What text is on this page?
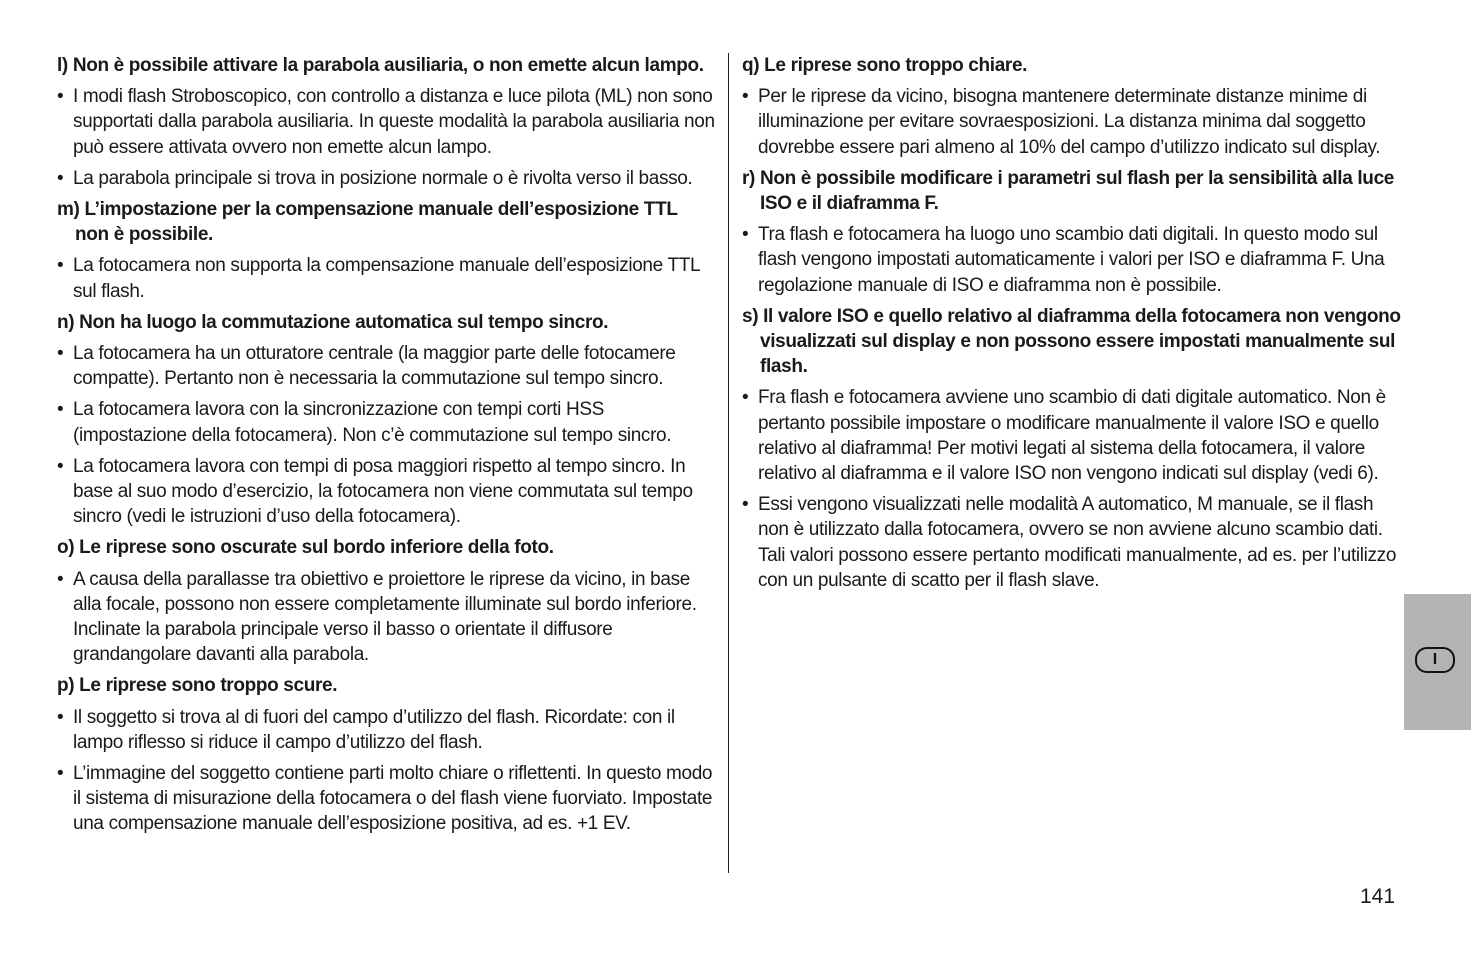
l) Non è possibile attivare la parabola ausiliaria, o non emette alcun lampo.

• I modi flash Stroboscopico, con controllo a distanza e luce pilota (ML) non sono supportati dalla parabola ausiliaria. In queste modalità la parabola ausiliaria non può essere attivata ovvero non emette alcun lampo.

• La parabola principale si trova in posizione normale o è rivolta verso il basso.

m) L’impostazione per la compensazione manuale dell’esposizione TTL non è possibile.

• La fotocamera non supporta la compensazione manuale dell’esposizione TTL sul flash.

n) Non ha luogo la commutazione automatica sul tempo sincro.

• La fotocamera ha un otturatore centrale (la maggior parte delle fotocamere compatte). Pertanto non è necessaria la commutazione sul tempo sincro.

• La fotocamera lavora con la sincronizzazione con tempi corti HSS (impostazione della fotocamera). Non c’è commutazione sul tempo sincro.

• La fotocamera lavora con tempi di posa maggiori rispetto al tempo sincro. In base al suo modo d’esercizio, la fotocamera non viene commutata sul tempo sincro (vedi le istruzioni d’uso della fotocamera).

o) Le riprese sono oscurate sul bordo inferiore della foto.

• A causa della parallasse tra obiettivo e proiettore le riprese da vicino, in base alla focale, possono non essere completamente illuminate sul bordo inferiore. Inclinate la parabola principale verso il basso o orientate il diffusore grandangolare davanti alla parabola.

p) Le riprese sono troppo scure.

• Il soggetto si trova al di fuori del campo d’utilizzo del flash. Ricordate: con il lampo riflesso si riduce il campo d’utilizzo del flash.

• L’immagine del soggetto contiene parti molto chiare o riflettenti. In questo modo il sistema di misurazione della fotocamera o del flash viene fuorviato. Impostate una compensazione manuale dell’esposizione positiva, ad es. +1 EV.

q) Le riprese sono troppo chiare.

• Per le riprese da vicino, bisogna mantenere determinate distanze minime di illuminazione per evitare sovraesposizioni. La distanza minima dal soggetto dovrebbe essere pari almeno al 10% del campo d’utilizzo indicato sul display.

r) Non è possibile modificare i parametri sul flash per la sensibilità alla luce ISO e il diaframma F.

• Tra flash e fotocamera ha luogo uno scambio dati digitali. In questo modo sul flash vengono impostati automaticamente i valori per ISO e diaframma F. Una regolazione manuale di ISO e diaframma non è possibile.

s) Il valore ISO e quello relativo al diaframma della fotocamera non vengono visualizzati sul display e non possono essere impostati manualmente sul flash.

• Fra flash e fotocamera avviene uno scambio di dati digitale automatico. Non è pertanto possibile impostare o modificare manualmente il valore ISO e quello relativo al diaframma! Per motivi legati al sistema della fotocamera, il valore relativo al diaframma e il valore ISO non vengono indicati sul display (vedi 6).

• Essi vengono visualizzati nelle modalità A automatico, M manuale, se il flash non è utilizzato dalla fotocamera, ovvero se non avviene alcuno scambio dati. Tali valori possono essere pertanto modificati manualmente, ad es. per l’utilizzo con un pulsante di scatto per il flash slave.

I
141
